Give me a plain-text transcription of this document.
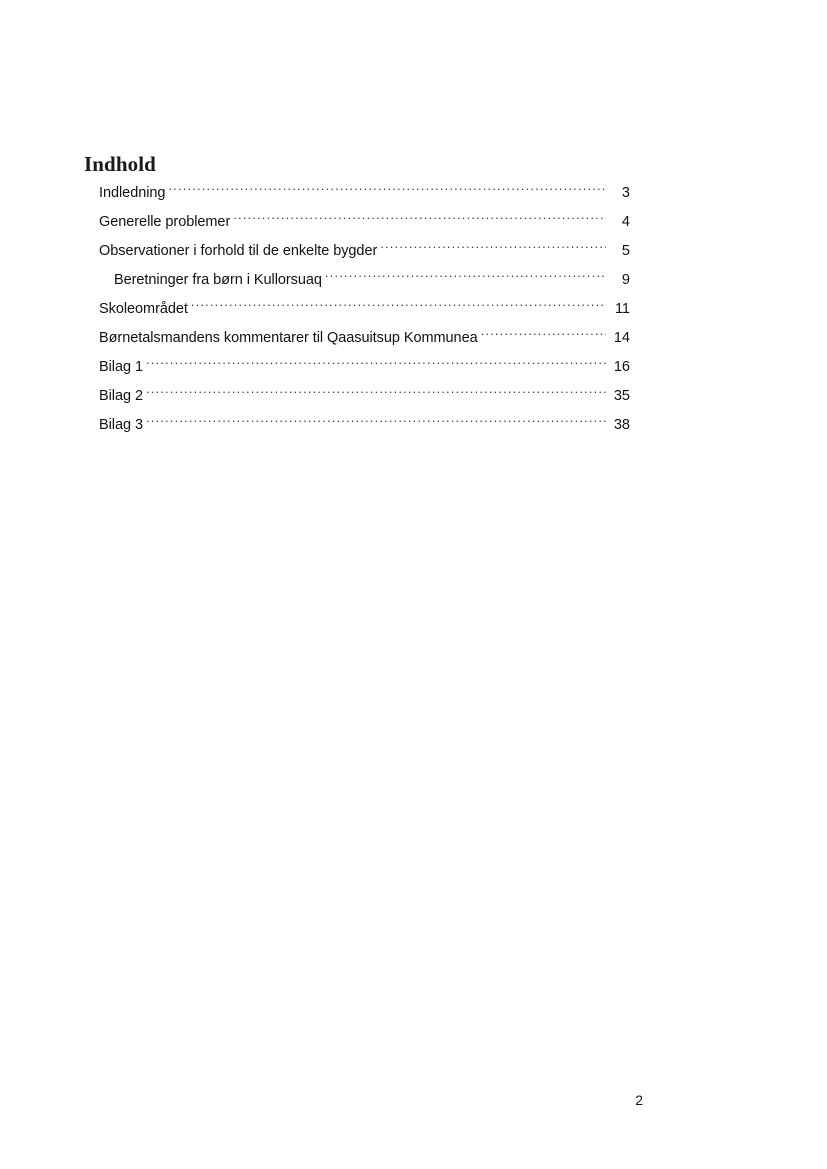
Indhold
Indledning .....	3
Generelle problemer .....	4
Observationer i forhold til de enkelte bygder .....	5
Beretninger fra børn i Kullorsuaq .....	9
Skoleområdet .....	11
Børnetalsmandens kommentarer til Qaasuitsup Kommunea .....	14
Bilag 1 .....	16
Bilag 2 .....	35
Bilag 3 .....	38
2
